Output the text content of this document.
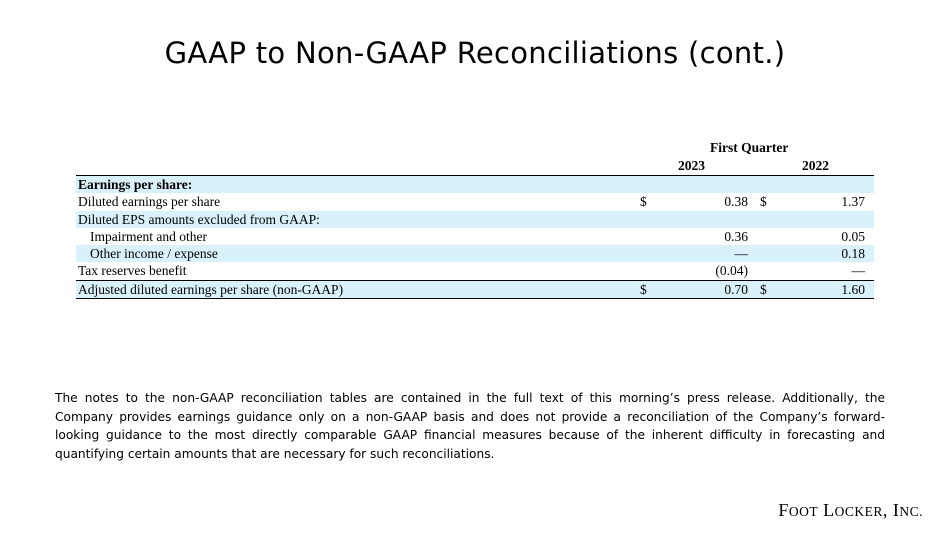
GAAP to Non-GAAP Reconciliations (cont.)
First Quarter
2023	2022
Earnings per share:
Diluted earnings per share	$	0.38 $	1.37
Diluted EPS amounts excluded from GAAP:
Impairment and other	0.36	0.05
Other income / expense	—	0.18
Tax reserves benefit	(0.04)	—
Adjusted diluted earnings per share (non-GAAP)	$	0.70 $	1.60
The notes to the non-GAAP reconciliation tables are contained in the full text of this morning’s press release. Additionally, the Company provides earnings guidance only on a non-GAAP basis and does not provide a reconciliation of the Company’s forward-looking guidance to the most directly comparable GAAP financial measures because of the inherent difficulty in forecasting and quantifying certain amounts that are necessary for such reconciliations.
FOOT LOCKER, INC.
